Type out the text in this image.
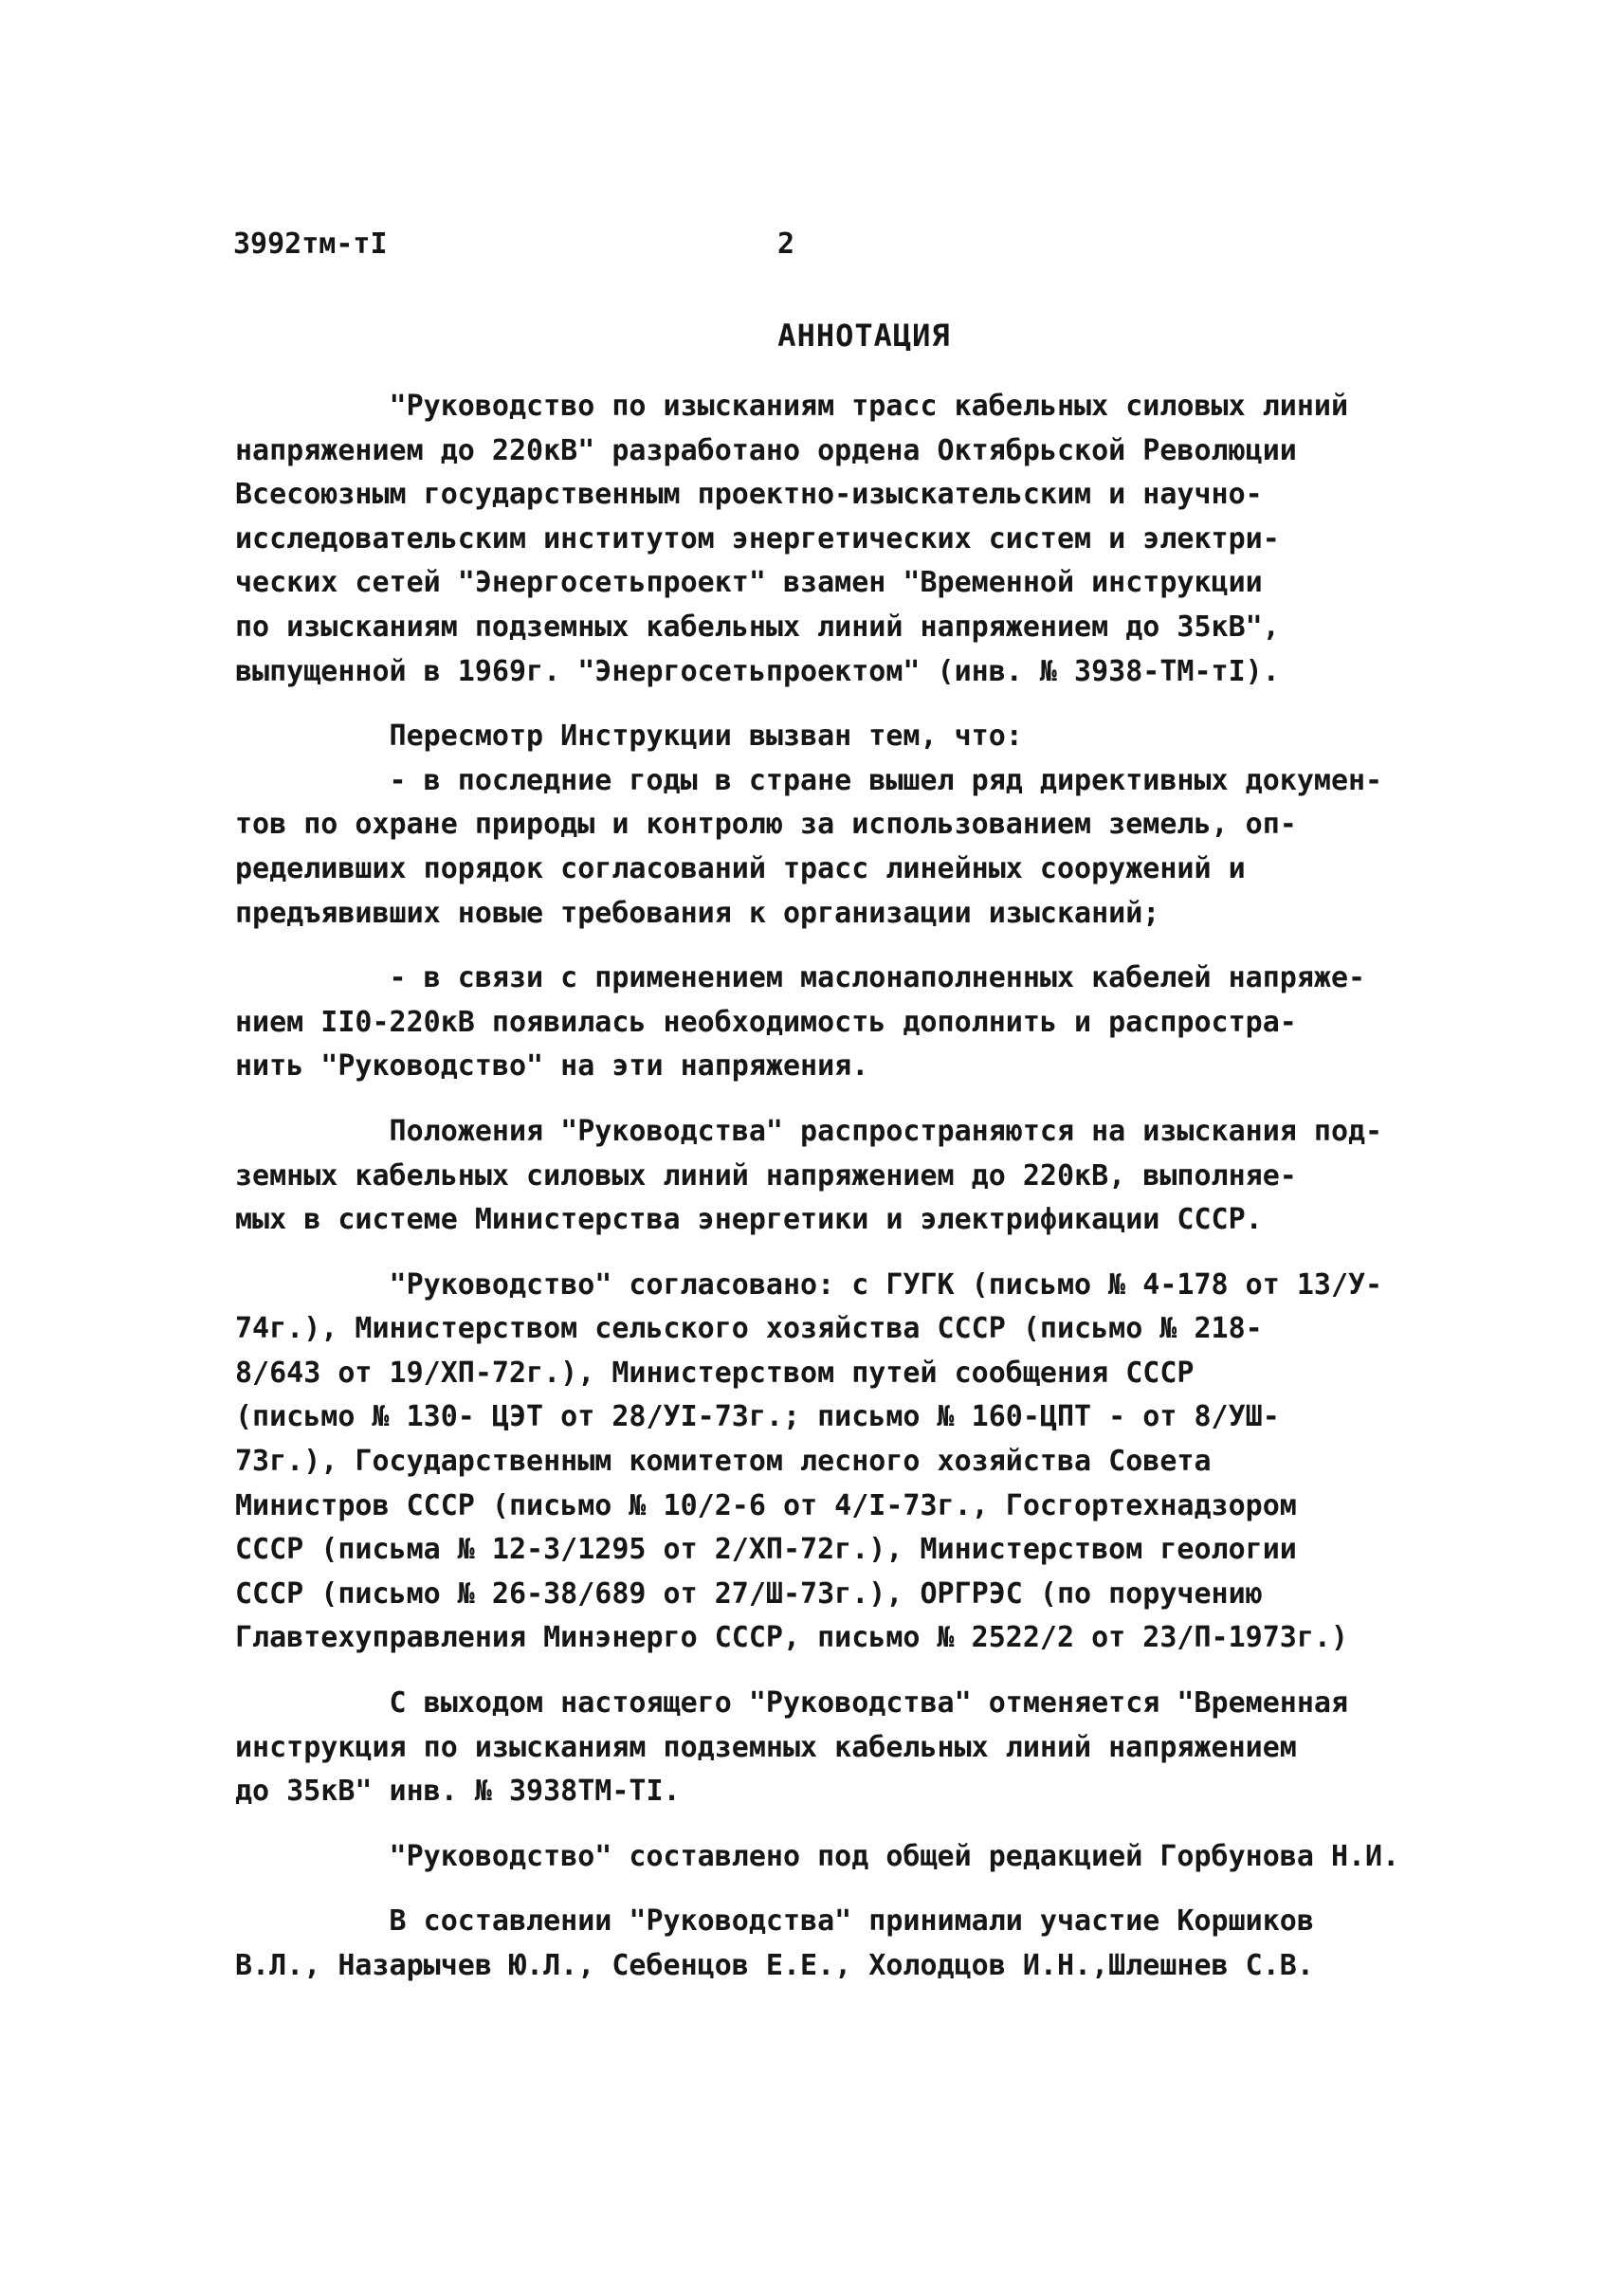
3992тм-тI	2
АННОТАЦИЯ
"Руководство по изысканиям трасс кабельных силовых линий
напряжением до 220кВ" разработано ордена Октябрьской Революции
Всесоюзным государственным проектно-изыскательским и научно-
исследовательским институтом энергетических систем и электри-
ческих сетей "Энергосетьпроект" взамен "Временной инструкции
по изысканиям подземных кабельных линий напряжением до 35кВ",
выпущенной в 1969г. "Энергосетьпроектом" (инв. № 3938-ТМ-тI).
Пересмотр Инструкции вызван тем, что:
- в последние годы в стране вышел ряд директивных докумен-
тов по охране природы и контролю за использованием земель, оп-
ределивших порядок согласований трасс линейных сооружений и
предъявивших новые требования к организации изысканий;
- в связи с применением маслонаполненных кабелей напряже-
нием II0-220кВ появилась необходимость дополнить и распростра-
нить "Руководство" на эти напряжения.
Положения "Руководства" распространяются на изыскания под-
земных кабельных силовых линий напряжением до 220кВ, выполняе-
мых в системе Министерства энергетики и электрификации СССР.
"Руководство" согласовано: с ГУГК (письмо № 4-178 от 13/У-
74г.), Министерством сельского хозяйства СССР (письмо № 218-
8/643 от 19/ХП-72г.), Министерством путей сообщения СССР
(письмо № 130- ЦЭТ от 28/УI-73г.; письмо № 160-ЦПТ - от 8/УШ-
73г.), Государственным комитетом лесного хозяйства Совета
Министров СССР (письмо № 10/2-6 от 4/I-73г., Госгортехнадзором
СССР (письма № 12-3/1295 от 2/ХП-72г.), Министерством геологии
СССР (письмо № 26-38/689 от 27/Ш-73г.), ОРГРЭС (по поручению
Главтехуправления Минэнерго СССР, письмо № 2522/2 от 23/П-1973г.)
С выходом настоящего "Руководства" отменяется "Временная
инструкция по изысканиям подземных кабельных линий напряжением
до 35кВ" инв. № 3938ТМ-ТI.
"Руководство" составлено под общей редакцией Горбунова Н.И.
В составлении "Руководства" принимали участие Коршиков
В.Л., Назарычев Ю.Л., Себенцов Е.Е., Холодцов И.Н.,Шлешнев С.В.
